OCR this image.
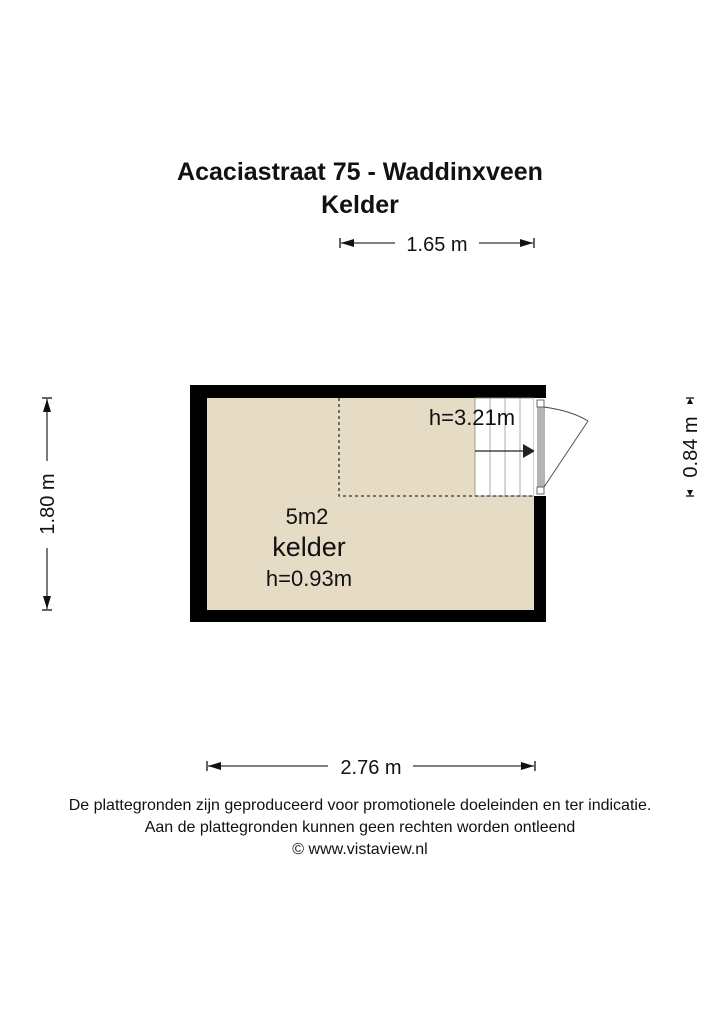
Acaciastraat 75 - Waddinxveen
Kelder
1.65 m
1.80 m
0.84 m
h=3.21m
5m2
kelder
h=0.93m
2.76 m
De plattegronden zijn geproduceerd voor promotionele doeleinden en ter indicatie.
Aan de plattegronden kunnen geen rechten worden ontleend
© www.vistaview.nl
